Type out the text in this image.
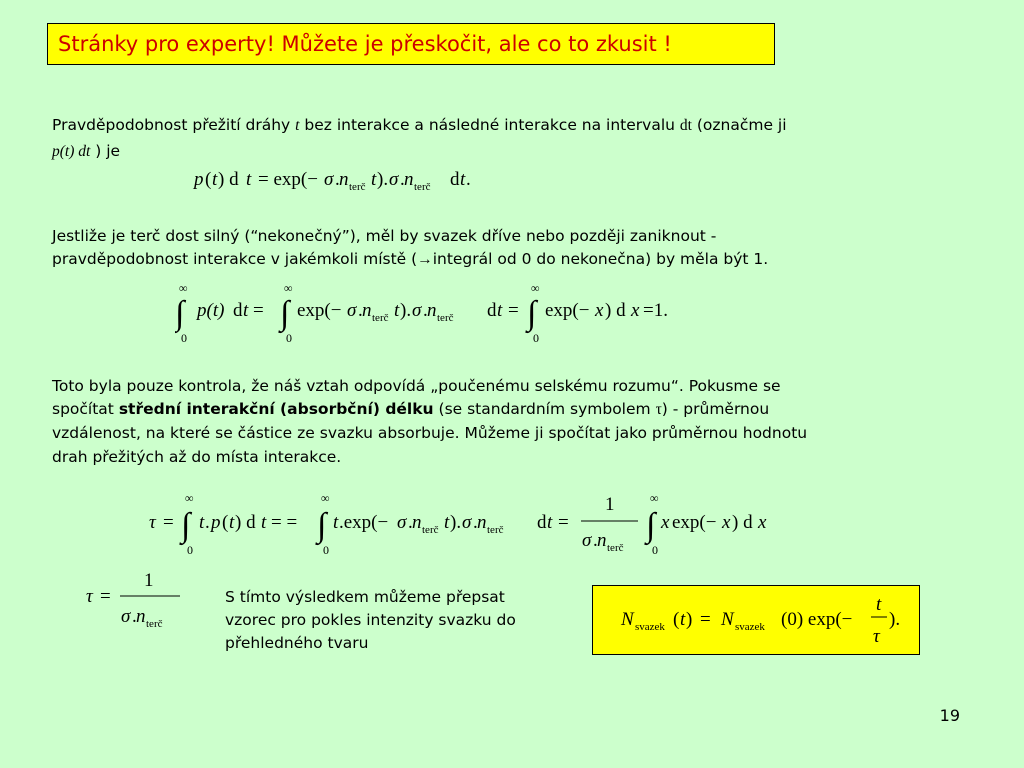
Stránky pro experty! Můžete je přeskočit, ale co to zkusit !
Pravděpodobnost přežití dráhy t bez interakce a následné interakce na intervalu dt (označme ji
p(t) dt ) je
p ( t ) d t = exp(− σ . n terč t ). σ . n terč d t .
Jestliže je terč dost silný (“nekonečný”), měl by svazek dříve nebo později zaniknout -
pravděpodobnost interakce v jakémkoli místě (→integrál od 0 do nekonečna) by měla být 1.
∞
∫
0
p(t) d t =
∞
∫
0
exp(− σ . n terč t ). σ . n terč d t =
∞
∫
0
exp(− x ) d x =1.
Toto byla pouze kontrola, že náš vztah odpovídá „poučenému selskému rozumu“. Pokusme se
spočítat střední interakční (absorbční) délku (se standardním symbolem τ) - průměrnou
vzdálenost, na které se částice ze svazku absorbuje. Můžeme ji spočítat jako průměrnou hodnotu
drah přežitých až do místa interakce.
τ =
∞
∫
0
t . p ( t ) d t = =
∞
∫
0
t .exp(− σ . n terč t ). σ . n terč d t =
1
σ . n terč
∞
∫
0
x exp(− x ) d x
τ =
1
σ . n terč
S tímto výsledkem můžeme přepsat
vzorec pro pokles intenzity svazku do
přehledného tvaru
N svazek ( t ) = N svazek (0) exp(−
t
τ
).
19
